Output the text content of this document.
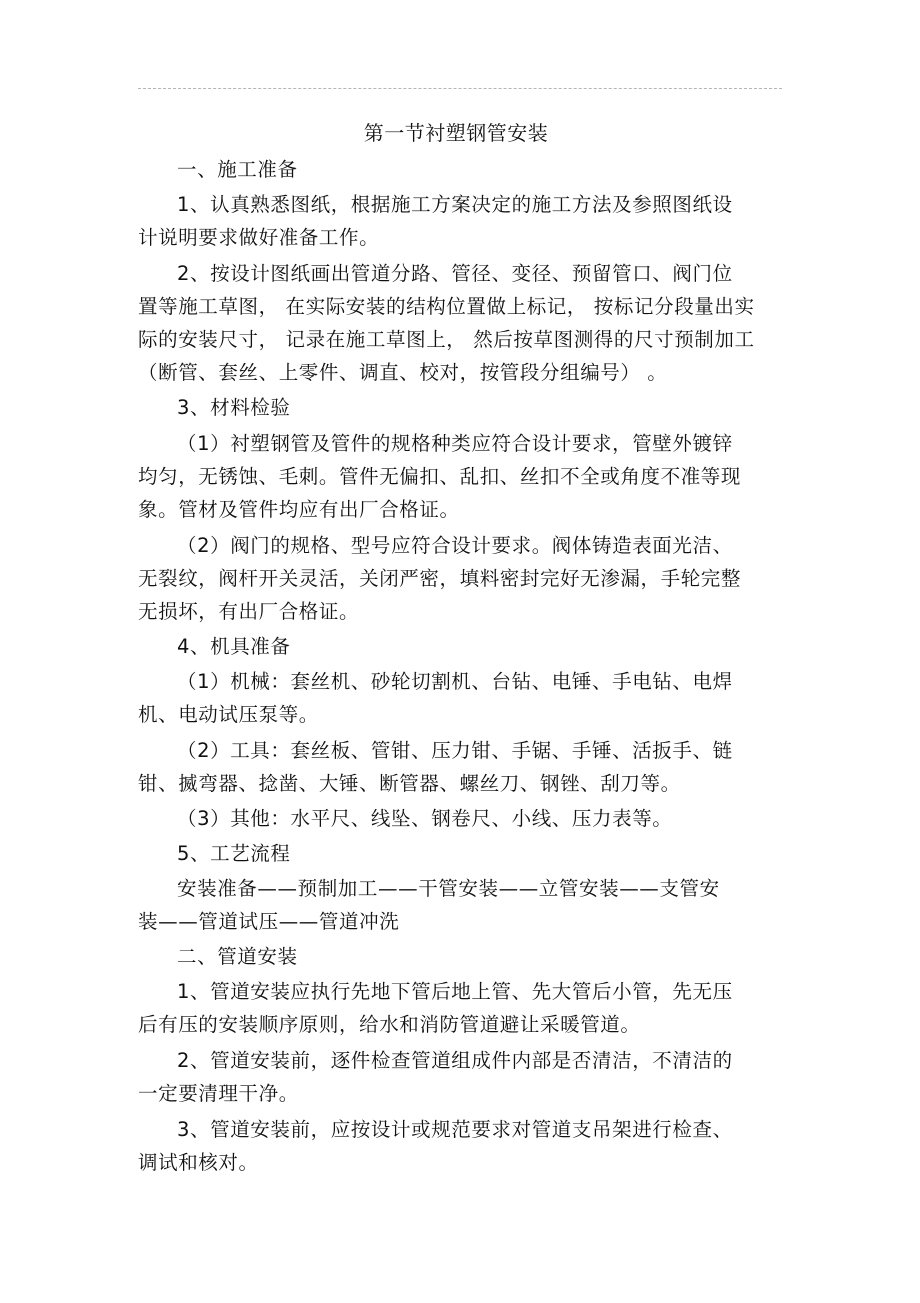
第一节衬塑钢管安装

一、施工准备

1、认真熟悉图纸，根据施工方案决定的施工方法及参照图纸设
计说明要求做好准备工作。

2、按设计图纸画出管道分路、管径、变径、预留管口、阀门位
置等施工草图， 在实际安装的结构位置做上标记， 按标记分段量出实
际的安装尺寸， 记录在施工草图上， 然后按草图测得的尺寸预制加工
（断管、套丝、上零件、调直、校对，按管段分组编号） 。

3、材料检验

（1）衬塑钢管及管件的规格种类应符合设计要求，管壁外镀锌
均匀，无锈蚀、毛刺。管件无偏扣、乱扣、丝扣不全或角度不准等现
象。管材及管件均应有出厂合格证。

（2）阀门的规格、型号应符合设计要求。阀体铸造表面光洁、
无裂纹，阀杆开关灵活，关闭严密，填料密封完好无渗漏，手轮完整
无损坏，有出厂合格证。

4、机具准备

（1）机械：套丝机、砂轮切割机、台钻、电锤、手电钻、电焊
机、电动试压泵等。

（2）工具：套丝板、管钳、压力钳、手锯、手锤、活扳手、链
钳、揻弯器、捻凿、大锤、断管器、螺丝刀、钢锉、刮刀等。

（3）其他：水平尺、线坠、钢卷尺、小线、压力表等。

5、工艺流程

安装准备——预制加工——干管安装——立管安装——支管安
装——管道试压——管道冲洗

二、管道安装

1、管道安装应执行先地下管后地上管、先大管后小管，先无压
后有压的安装顺序原则，给水和消防管道避让采暖管道。

2、管道安装前，逐件检查管道组成件内部是否清洁，不清洁的
一定要清理干净。

3、管道安装前，应按设计或规范要求对管道支吊架进行检查、
调试和核对。
